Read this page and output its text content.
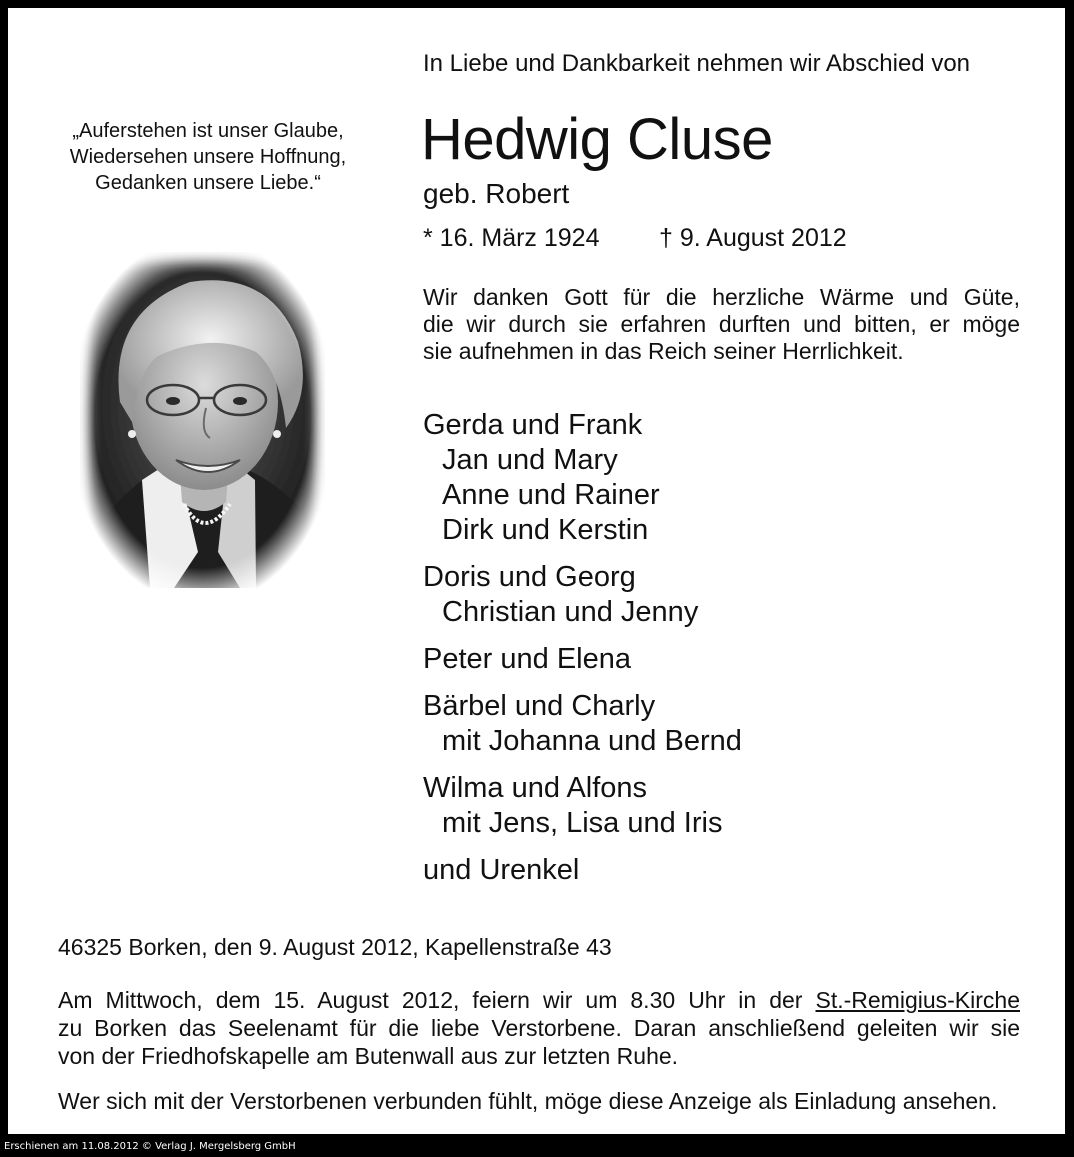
In Liebe und Dankbarkeit nehmen wir Abschied von
„Auferstehen ist unser Glaube,
Wiedersehen unsere Hoffnung,
Gedanken unsere Liebe.“
Hedwig Cluse
geb. Robert
* 16. März 1924 † 9. August 2012
Wir danken Gott für die herzliche Wärme und Güte,
die wir durch sie erfahren durften und bitten, er möge
sie aufnehmen in das Reich seiner Herrlichkeit.
Gerda und Frank
Jan und Mary
Anne und Rainer
Dirk und Kerstin
Doris und Georg
Christian und Jenny
Peter und Elena
Bärbel und Charly
mit Johanna und Bernd
Wilma und Alfons
mit Jens, Lisa und Iris
und Urenkel
46325 Borken, den 9. August 2012, Kapellenstraße 43
Am Mittwoch, dem 15. August 2012, feiern wir um 8.30 Uhr in der St.-Remigius-Kirche
zu Borken das Seelenamt für die liebe Verstorbene. Daran anschließend geleiten wir sie
von der Friedhofskapelle am Butenwall aus zur letzten Ruhe.
Wer sich mit der Verstorbenen verbunden fühlt, möge diese Anzeige als Einladung ansehen.
Erschienen am 11.08.2012 © Verlag J. Mergelsberg GmbH
